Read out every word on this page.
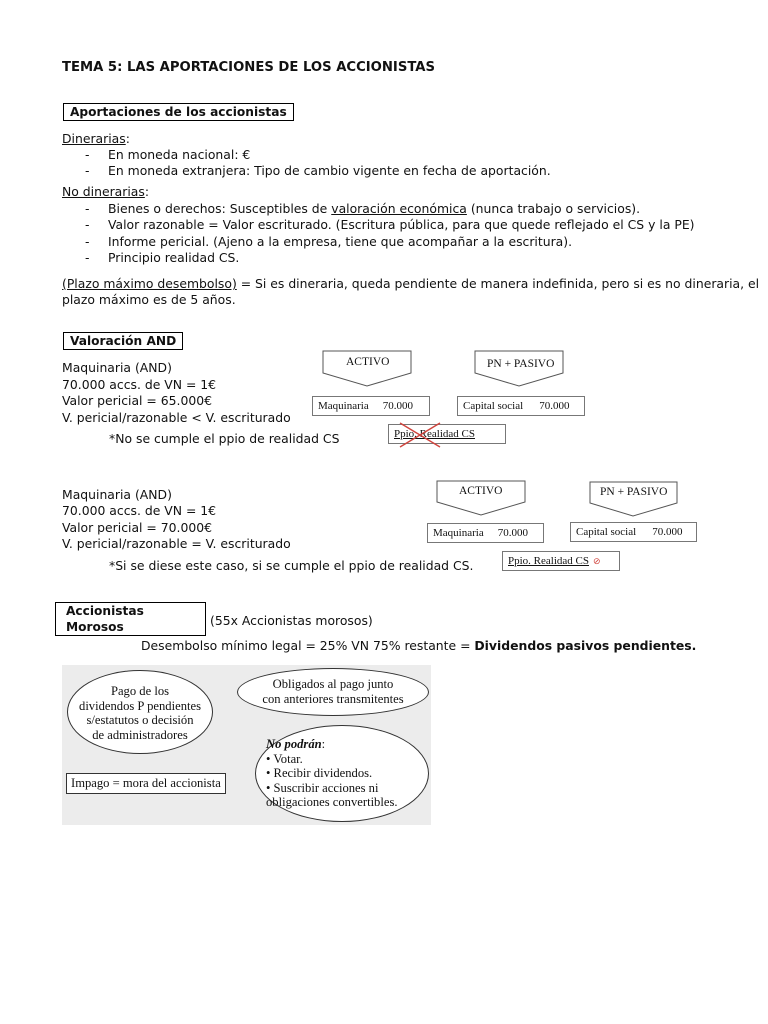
TEMA 5: LAS APORTACIONES DE LOS ACCIONISTAS
Aportaciones de los accionistas
Dinerarias:
- En moneda nacional: €
- En moneda extranjera: Tipo de cambio vigente en fecha de aportación.
No dinerarias:
- Bienes o derechos: Susceptibles de valoración económica (nunca trabajo o servicios).
- Valor razonable = Valor escriturado. (Escritura pública, para que quede reflejado el CS y la PE)
- Informe pericial. (Ajeno a la empresa, tiene que acompañar a la escritura).
- Principio realidad CS.
(Plazo máximo desembolso) = Si es dineraria, queda pendiente de manera indefinida, pero si es no dineraria, el
plazo máximo es de 5 años.
Valoración AND
Maquinaria (AND)
70.000 accs. de VN = 1€
Valor pericial = 65.000€
V. pericial/razonable < V. escriturado
*No se cumple el ppio de realidad CS
ACTIVO	PN + PASIVO
Maquinaria 70.000	Capital social 70.000
Ppio. Realidad CS
Maquinaria (AND)
70.000 accs. de VN = 1€
Valor pericial = 70.000€
V. pericial/razonable = V. escriturado
*Si se diese este caso, si se cumple el ppio de realidad CS.
ACTIVO	PN + PASIVO
Maquinaria 70.000	Capital social 70.000
Ppio. Realidad CS ⊘
Accionistas Morosos	(55x Accionistas morosos)
Desembolso mínimo legal = 25% VN 75% restante = Dividendos pasivos pendientes.
Pago de los
dividendos P pendientes
s/estatutos o decisión
de administradores
Obligados al pago junto
con anteriores transmitentes
Impago = mora del accionista
No podrán:
• Votar.
• Recibir dividendos.
• Suscribir acciones ni
obligaciones convertibles.
